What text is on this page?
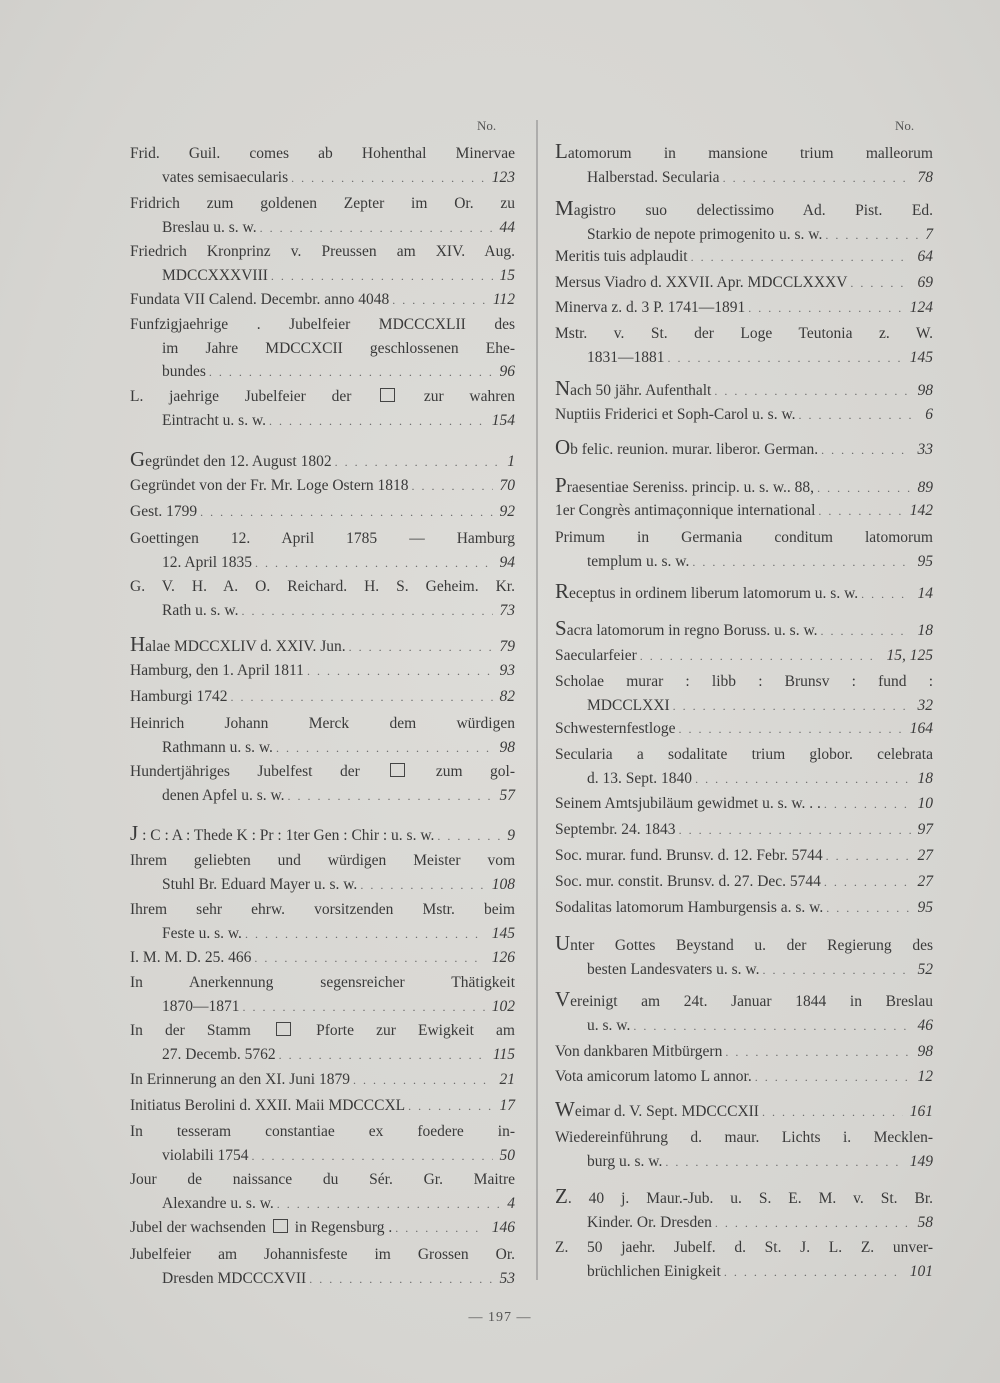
No.
Frid. Guil. comes ab Hohenthal Minervae
vates semisaecularis . . .	123
Fridrich zum goldenen Zepter im Or. zu
Breslau u. s. w. . . .	44
Friedrich Kronprinz v. Preussen am XIV. Aug.
MDCCXXXVIII . . .	15
Fundata VII Calend. Decembr. anno 4048 . . .	112
Funfzigjaehrige . Jubelfeier MDCCCXLII des
im Jahre MDCCXCII geschlossenen Ehe-
bundes . . .	96
L. jaehrige Jubelfeier der  zur wahren
Eintracht u. s. w. . . .	154
Gegründet den 12. August 1802 . . .	1
Gegründet von der Fr. Mr. Loge Ostern 1818 . . .	70
Gest. 1799 . . .	92
Goettingen 12. April 1785 — Hamburg
12. April 1835 . . .	94
G. V. H. A. O. Reichard. H. S. Geheim. Kr.
Rath u. s. w. . . .	73
Halae MDCCXLIV d. XXIV. Jun. . . .	79
Hamburg, den 1. April 1811 . . .	93
Hamburgi 1742 . . .	82
Heinrich Johann Merck dem würdigen
Rathmann u. s. w. . . .	98
Hundertjähriges Jubelfest der  zum gol-
denen Apfel u. s. w. . . .	57
J : C : A : Thede K : Pr : 1ter Gen : Chir : u. s. w. . . .	9
Ihrem geliebten und würdigen Meister vom
Stuhl Br. Eduard Mayer u. s. w. . . .	108
Ihrem sehr ehrw. vorsitzenden Mstr. beim
Feste u. s. w. . . .	145
I. M. M. D. 25. 466 . . .	126
In Anerkennung segensreicher Thätigkeit
1870—1871 . . .	102
In der Stamm  Pforte zur Ewigkeit am
27. Decemb. 5762 . . .	115
In Erinnerung an den XI. Juni 1879 . . .	21
Initiatus Berolini d. XXII. Maii MDCCCXL . . .	17
In tesseram constantiae ex foedere in-
violabili 1754 . . .	50
Jour de naissance du Sér. Gr. Maitre
Alexandre u. s. w. . . .	4
Jubel der wachsenden  in Regensburg . . . .	146
Jubelfeier am Johannisfeste im Grossen Or.
Dresden MDCCCXVII . . .	53
No.
Latomorum in mansione trium malleorum
Halberstad. Secularia . . .	78
Magistro suo delectissimo Ad. Pist. Ed.
Starkio de nepote primogenito u. s. w. . . .	7
Meritis tuis adplaudit . . .	64
Mersus Viadro d. XXVII. Apr. MDCCLXXXV . . .	69
Minerva z. d. 3 P. 1741—1891 . . .	124
Mstr. v. St. der Loge Teutonia z. W.
1831—1881 . . .	145
Nach 50 jähr. Aufenthalt . . .	98
Nuptiis Friderici et Soph-Carol u. s. w. . . .	6
Ob felic. reunion. murar. liberor. German. . . .	33
Praesentiae Sereniss. princip. u. s. w.. 88, . . .	89
1er Congrès antimaçonnique international . . .	142
Primum in Germania conditum latomorum
templum u. s. w. . . .	95
Receptus in ordinem liberum latomorum u. s. w. . . .	14
Sacra latomorum in regno Boruss. u. s. w. . . .	18
Saecularfeier . . .	15, 125
Scholae murar : libb : Brunsv : fund :
MDCCLXXI . . .	32
Schwesternfestloge . . .	164
Secularia a sodalitate trium globor. celebrata
d. 13. Sept. 1840 . . .	18
Seinem Amtsjubiläum gewidmet u. s. w. . . . . .	10
Septembr. 24. 1843 . . .	97
Soc. murar. fund. Brunsv. d. 12. Febr. 5744 . . .	27
Soc. mur. constit. Brunsv. d. 27. Dec. 5744 . . .	27
Sodalitas latomorum Hamburgensis a. s. w. . . .	95
Unter Gottes Beystand u. der Regierung des
besten Landesvaters u. s. w. . . .	52
Vereinigt am 24t. Januar 1844 in Breslau
u. s. w. . . .	46
Von dankbaren Mitbürgern . . .	98
Vota amicorum latomo L annor. . . .	12
Weimar d. V. Sept. MDCCCXII . . .	161
Wiedereinführung d. maur. Lichts i. Mecklen-
burg u. s. w. . . .	149
Z. 40 j. Maur.-Jub. u. S. E. M. v. St. Br.
Kinder. Or. Dresden . . .	58
Z. 50 jaehr. Jubelf. d. St. J. L. Z. unver-
brüchlichen Einigkeit . . .	101
— 197 —
